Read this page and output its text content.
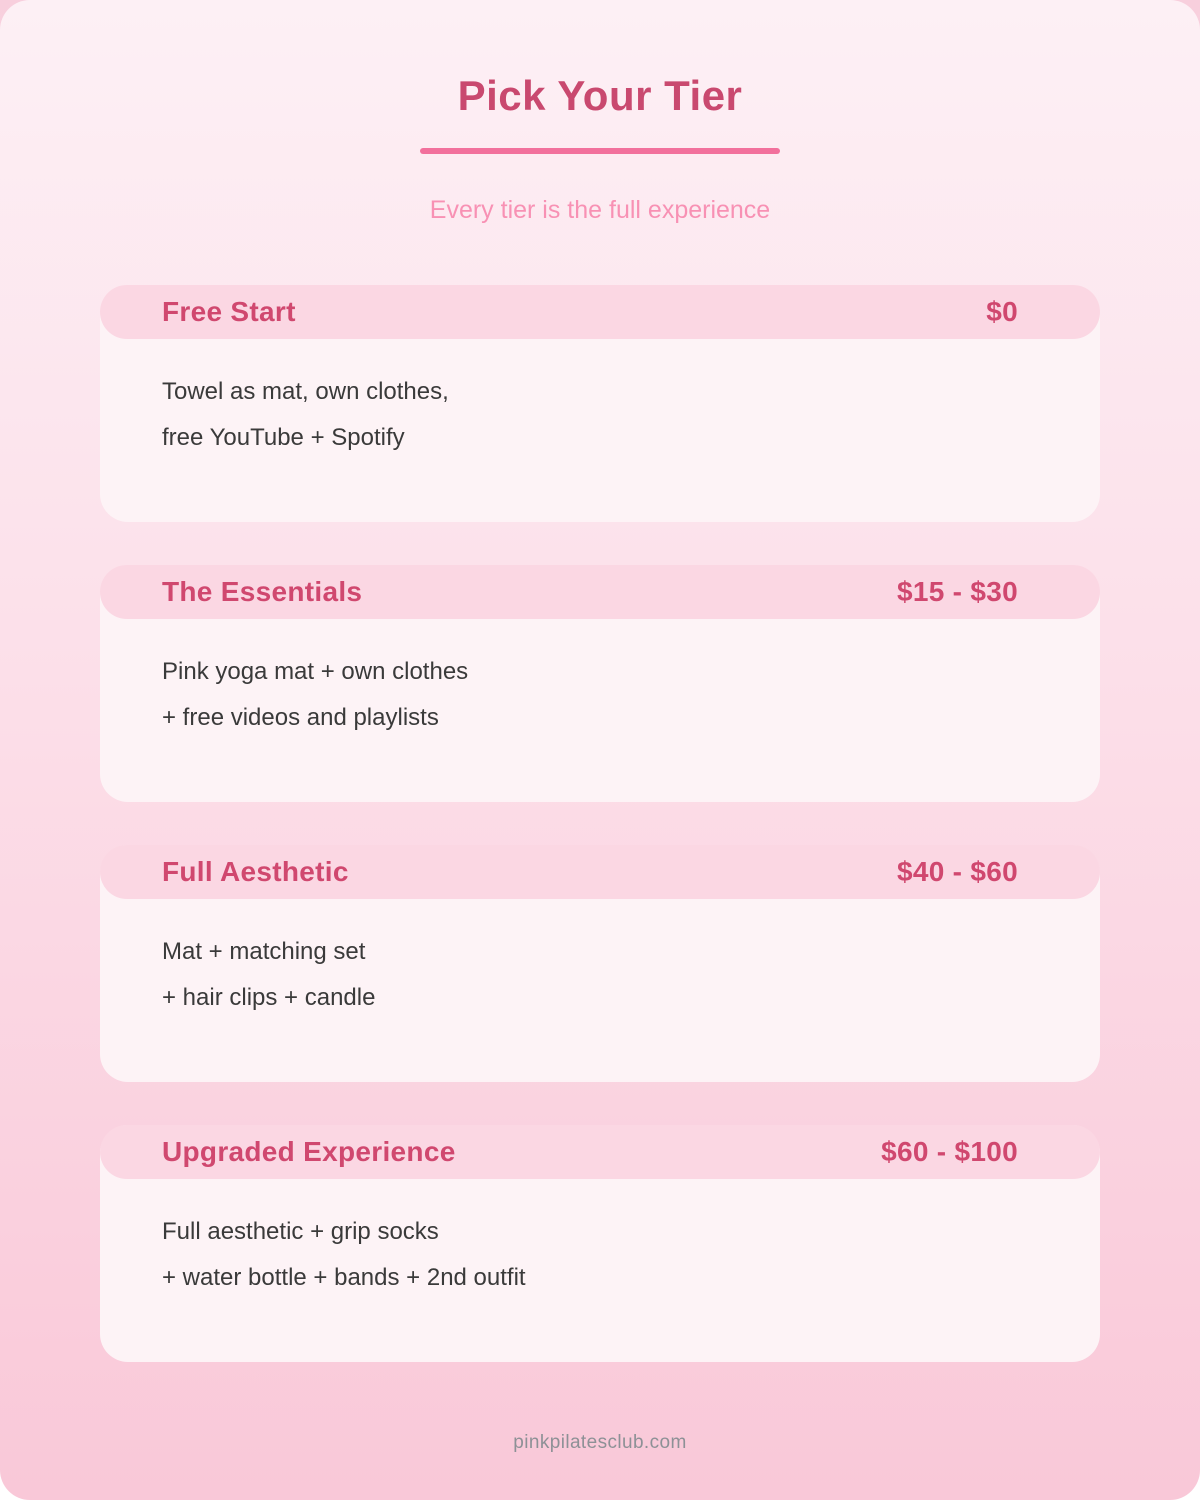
Pick Your Tier
Every tier is the full experience
Free Start	$0
Towel as mat, own clothes,
free YouTube + Spotify
The Essentials	$15 - $30
Pink yoga mat + own clothes
+ free videos and playlists
Full Aesthetic	$40 - $60
Mat + matching set
+ hair clips + candle
Upgraded Experience	$60 - $100
Full aesthetic + grip socks
+ water bottle + bands + 2nd outfit
pinkpilatesclub.com
